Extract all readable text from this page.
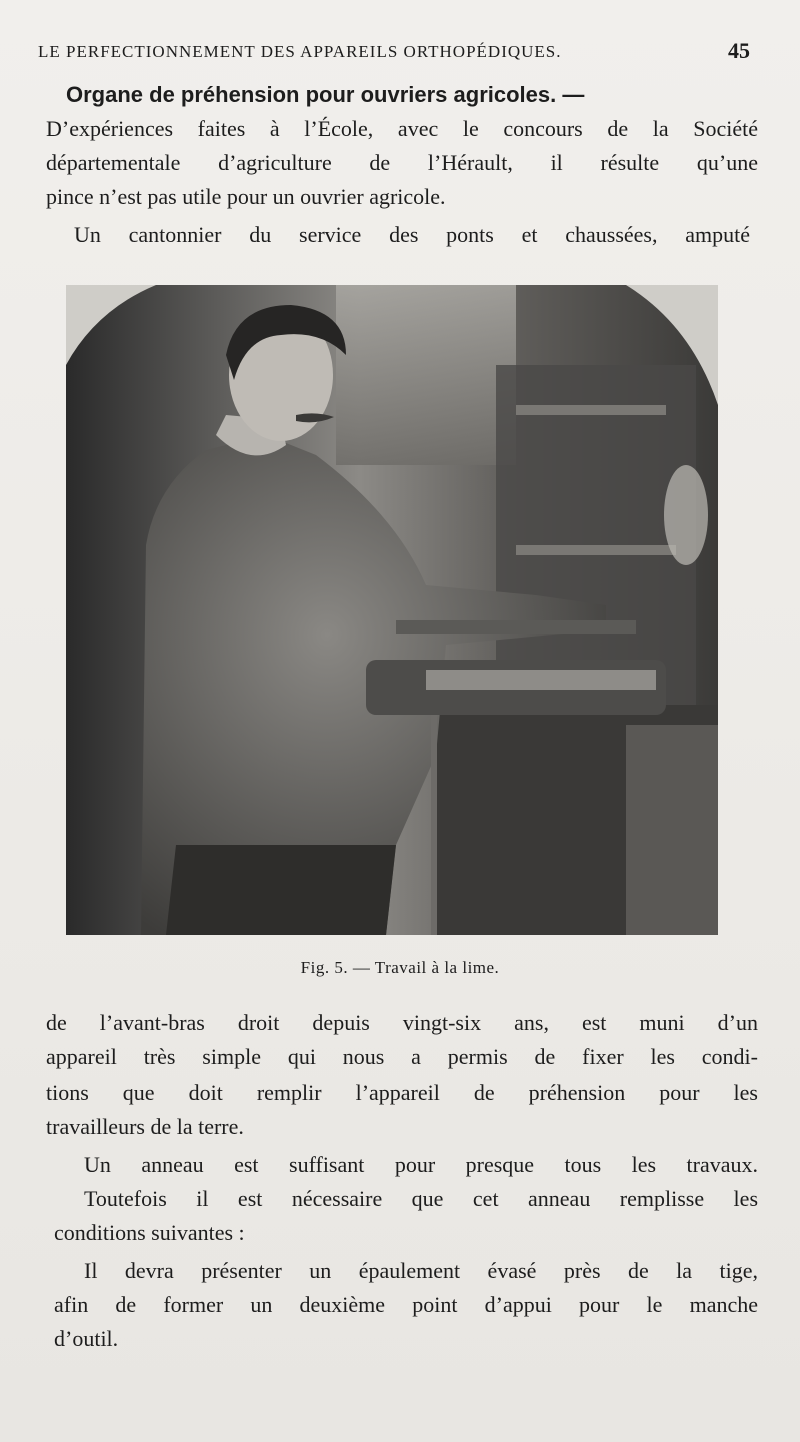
LE PERFECTIONNEMENT DES APPAREILS ORTHOPÉDIQUES.	45
Organe de préhension pour ouvriers agricoles. —
D’expériences faites à l’École, avec le concours de la Société
départementale d’agriculture de l’Hérault, il résulte qu’une
pince n’est pas utile pour un ouvrier agricole.
Un cantonnier du service des ponts et chaussées, amputé
Fig. 5. — Travail à la lime.
de l’avant-bras droit depuis vingt-six ans, est muni d’un
appareil très simple qui nous a permis de fixer les condi-
tions que doit remplir l’appareil de préhension pour les
travailleurs de la terre.
Un anneau est suffisant pour presque tous les travaux.
Toutefois il est nécessaire que cet anneau remplisse les
conditions suivantes :
Il devra présenter un épaulement évasé près de la tige,
afin de former un deuxième point d’appui pour le manche
d’outil.
